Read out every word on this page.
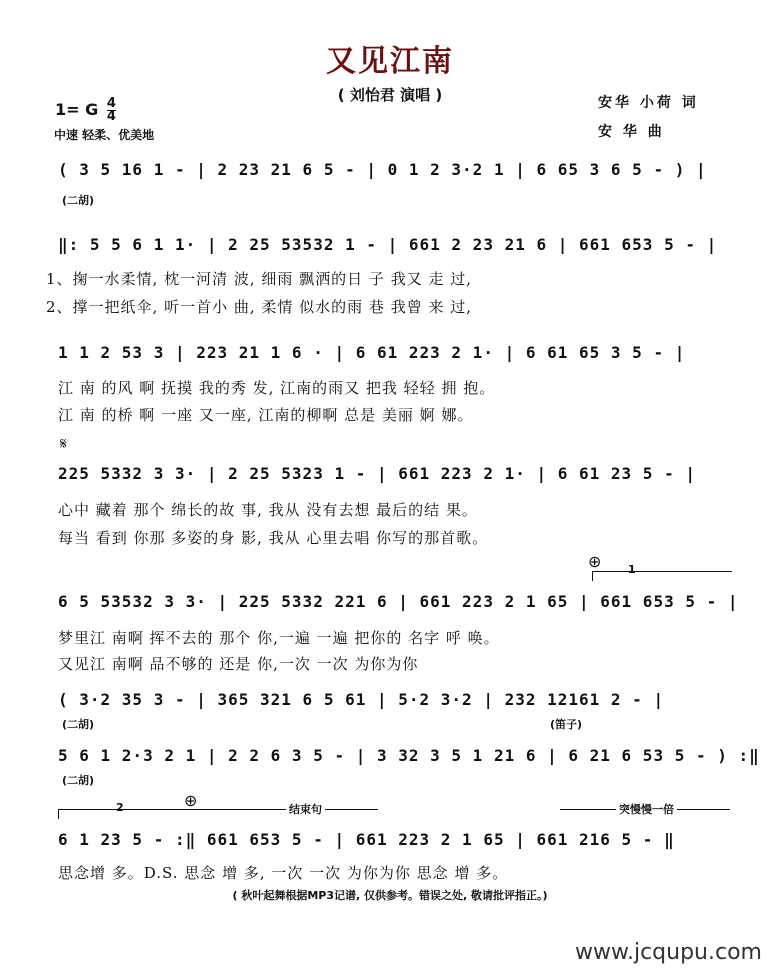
又见江南
( 刘怡君 演唱 )
1= G $\frac{4}{4}$
中速 轻柔、优美地
安华 小荷 词
安 华 曲
( 3 5 16 1 - | 2 23 21 6 5 - | 0 1 2 3·2 1 | 6 65 3 6 5 - ) |
(二胡)
‖: 5 5 6 1 1· | 2 25 53532 1 - | 661 2 23 21 6 | 661 653 5 - |
1、掬一水柔情, 枕一河清 波, 细雨 飘洒的日 子 我又 走 过,
2、撑一把纸伞, 听一首小 曲, 柔情 似水的雨 巷 我曾 来 过,
1 1 2 53 3 | 223 21 1 6 · | 6 61 223 2 1· | 6 61 65 3 5 - |
江 南 的风 啊 抚摸 我的秀 发, 江南的雨又 把我 轻轻 拥 抱。
江 南 的桥 啊 一座 又一座, 江南的柳啊 总是 美丽 婀 娜。
𝄋
225 5332 3 3· | 2 25 5323 1 - | 661 223 2 1· | 6 61 23 5 - |
心中 藏着 那个 绵长的故 事, 我从 没有去想 最后的结 果。
每当 看到 你那 多姿的身 影, 我从 心里去唱 你写的那首歌。
⊕ 1
6 5 53532 3 3· | 225 5332 221 6 | 661 223 2 1 65 | 661 653 5 - |
梦里江 南啊 挥不去的 那个 你,一遍 一遍 把你的 名字 呼 唤。
又见江 南啊 品不够的 还是 你,一次 一次 为你为你
( 3·2 35 3 - | 365 321 6 5 61 | 5·2 3·2 | 232 12161 2 - |
(二胡)	(笛子)
5 6 1 2·3 2 1 | 2 2 6 3 5 - | 3 32 3 5 1 21 6 | 6 21 6 53 5 - ) :‖
(二胡)
2	⊕	结束句	突慢慢一倍
6 1 23 5 - :‖ 661 653 5 - | 661 223 2 1 65 | 661 216 5 - ‖
思念增 多。D.S. 思念 增 多, 一次 一次 为你为你 思念 增 多。
( 秋叶起舞根据MP3记谱, 仅供参考。错误之处, 敬请批评指正。)
www.jcqupu.com
